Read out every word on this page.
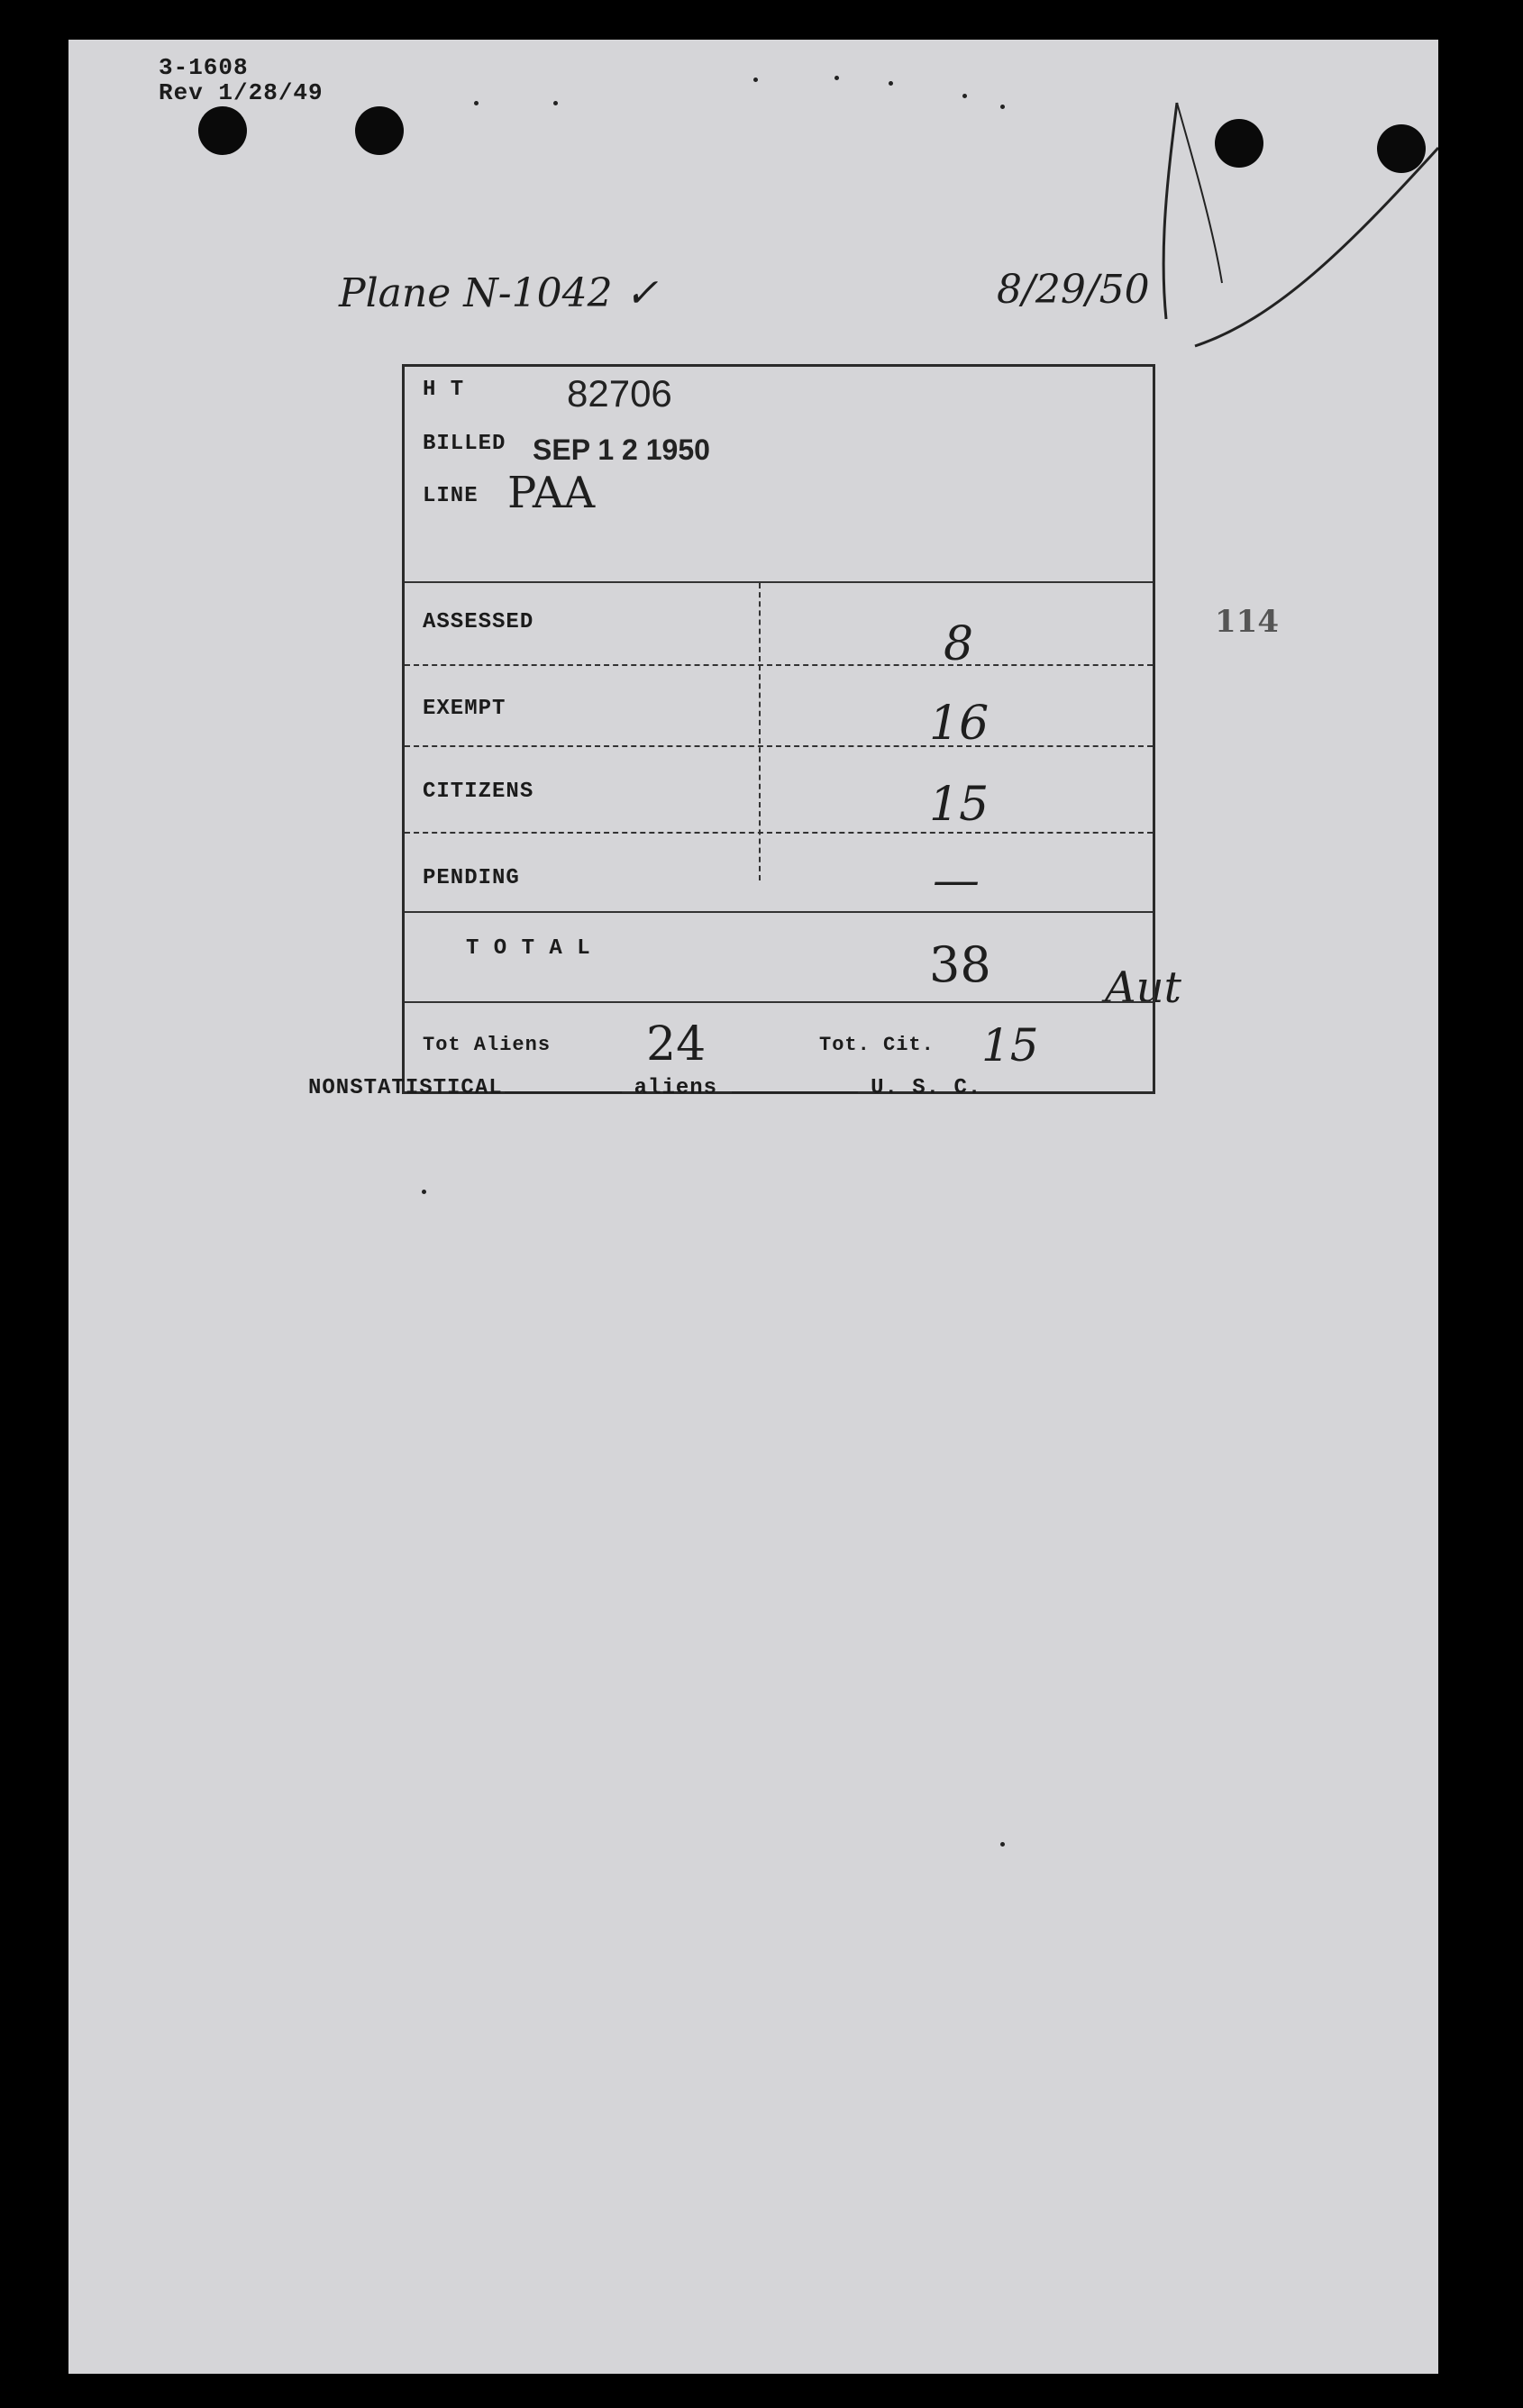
3-1608
Rev 1/28/49
Plane N-1042 ✓	8/29/50
114
Aut
H T	82706
BILLED SEP 1 2 1950
LINE PAA
ASSESSED	8
EXEMPT	16
CITIZENS	15
PENDING	—
T O T A L	38
Tot Aliens 24	Tot. Cit. 15
NONSTATISTICAL	aliens	U. S. C.
